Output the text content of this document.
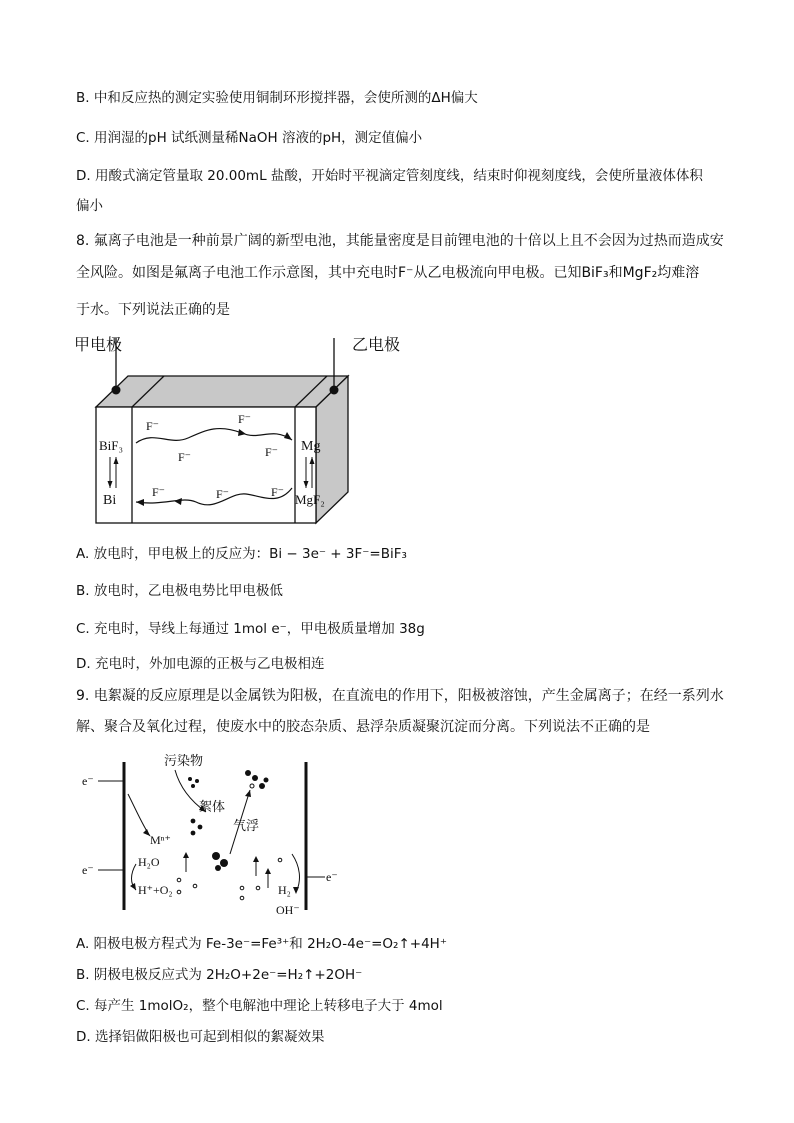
B. 中和反应热的测定实验使用铜制环形搅拌器，会使所测的ΔH偏大
C. 用润湿的pH 试纸测量稀NaOH 溶液的pH，测定值偏小
D. 用酸式滴定管量取 20.00mL 盐酸，开始时平视滴定管刻度线，结束时仰视刻度线，会使所量液体体积
偏小
8. 氟离子电池是一种前景广阔的新型电池，其能量密度是目前锂电池的十倍以上且不会因为过热而造成安
全风险。如图是氟离子电池工作示意图，其中充电时F⁻从乙电极流向甲电极。已知BiF₃和MgF₂均难溶
于水。下列说法正确的是
甲电极	乙电极
BiF₃
Bi
Mg
MgF₂
F⁻	F⁻
F⁻	F⁻
F⁻	F⁻	F⁻
A. 放电时，甲电极上的反应为：Bi − 3e⁻ + 3F⁻=BiF₃
B. 放电时，乙电极电势比甲电极低
C. 充电时，导线上每通过 1mol e⁻，甲电极质量增加 38g
D. 充电时，外加电源的正极与乙电极相连
9. 电絮凝的反应原理是以金属铁为阳极，在直流电的作用下，阳极被溶蚀，产生金属离子；在经一系列水
解、聚合及氧化过程，使废水中的胶态杂质、悬浮杂质凝聚沉淀而分离。下列说法不正确的是
e⁻
e⁻	e⁻
污染物
絮体
气浮
Mⁿ⁺
H₂O
H⁺+O₂	H₂
OH⁻
A. 阳极电极方程式为 Fe-3e⁻=Fe³⁺和 2H₂O-4e⁻=O₂↑+4H⁺
B. 阴极电极反应式为 2H₂O+2e⁻=H₂↑+2OH⁻
C. 每产生 1molO₂，整个电解池中理论上转移电子大于 4mol
D. 选择铝做阳极也可起到相似的絮凝效果
